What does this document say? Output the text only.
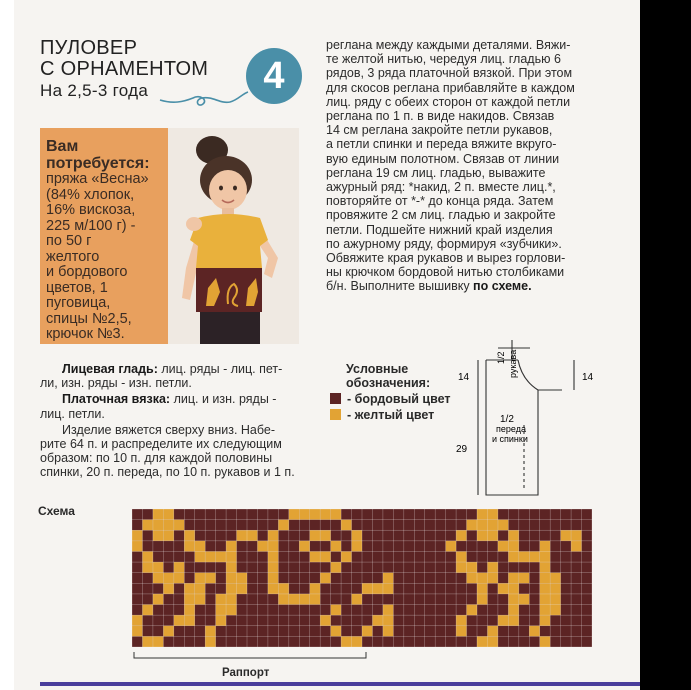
ПУЛОВЕР
С ОРНАМЕНТОМ
На 2,5-3 года	4
Вам
потребуется:
пряжа «Весна»
(84% хлопок,
16% вискоза,
225 м/100 г) -
по 50 г
желтого
и бордового
цветов, 1
пуговица,
спицы №2,5,
крючок №3.
Лицевая гладь: лиц. ряды - лиц. пет-
ли, изн. ряды - изн. петли.
Платочная вязка: лиц. и изн. ряды -
лиц. петли.
Изделие вяжется сверху вниз. Набе-
рите 64 п. и распределите их следующим
образом: по 10 п. для каждой половины
спинки, 20 п. переда, по 10 п. рукавов и 1 п.
реглана между каждыми деталями. Вяжи-
те желтой нитью, чередуя лиц. гладью 6
рядов, 3 ряда платочной вязкой. При этом
для скосов реглана прибавляйте в каждом
лиц. ряду с обеих сторон от каждой петли
реглана по 1 п. в виде накидов. Связав
14 см реглана закройте петли рукавов,
а петли спинки и переда вяжите вкруго-
вую единым полотном. Связав от линии
реглана 19 см лиц. гладью, выважите
ажурный ряд: *накид, 2 п. вместе лиц.*,
повторяйте от *-* до конца ряда. Затем
провяжите 2 см лиц. гладью и закройте
петли. Подшейте нижний край изделия
по ажурному ряду, формируя «зубчики».
Обвяжите края рукавов и вырез горлови-
ны крючком бордовой нитью столбиками
б/н. Выполните вышивку по схеме.
Условные
обозначения:
- бордовый цвет
- желтый цвет
1/2 рукава
14	14
1/2
переда
и спинки
29
Схема
Раппорт
